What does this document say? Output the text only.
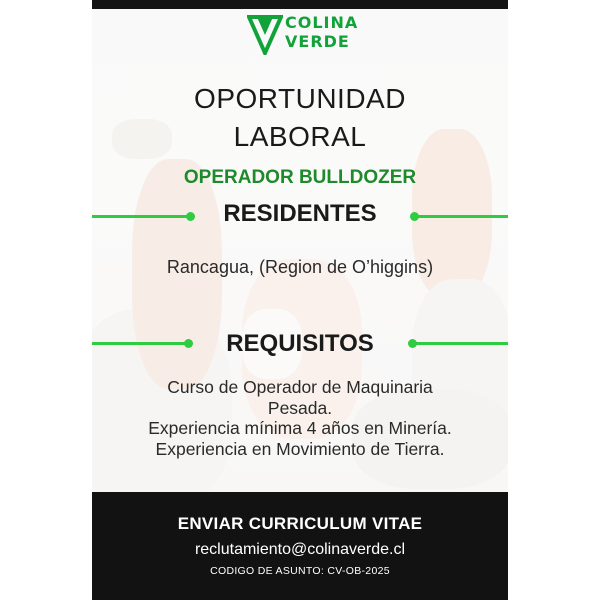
COLINA
VERDE
OPORTUNIDAD
LABORAL
OPERADOR BULLDOZER
RESIDENTES
Rancagua, (Region de O’higgins)
REQUISITOS
Curso de Operador de Maquinaria
Pesada.
Experiencia mínima 4 años en Minería.
Experiencia en Movimiento de Tierra.
ENVIAR CURRICULUM VITAE
reclutamiento@colinaverde.cl
CODIGO DE ASUNTO: CV-OB-2025
